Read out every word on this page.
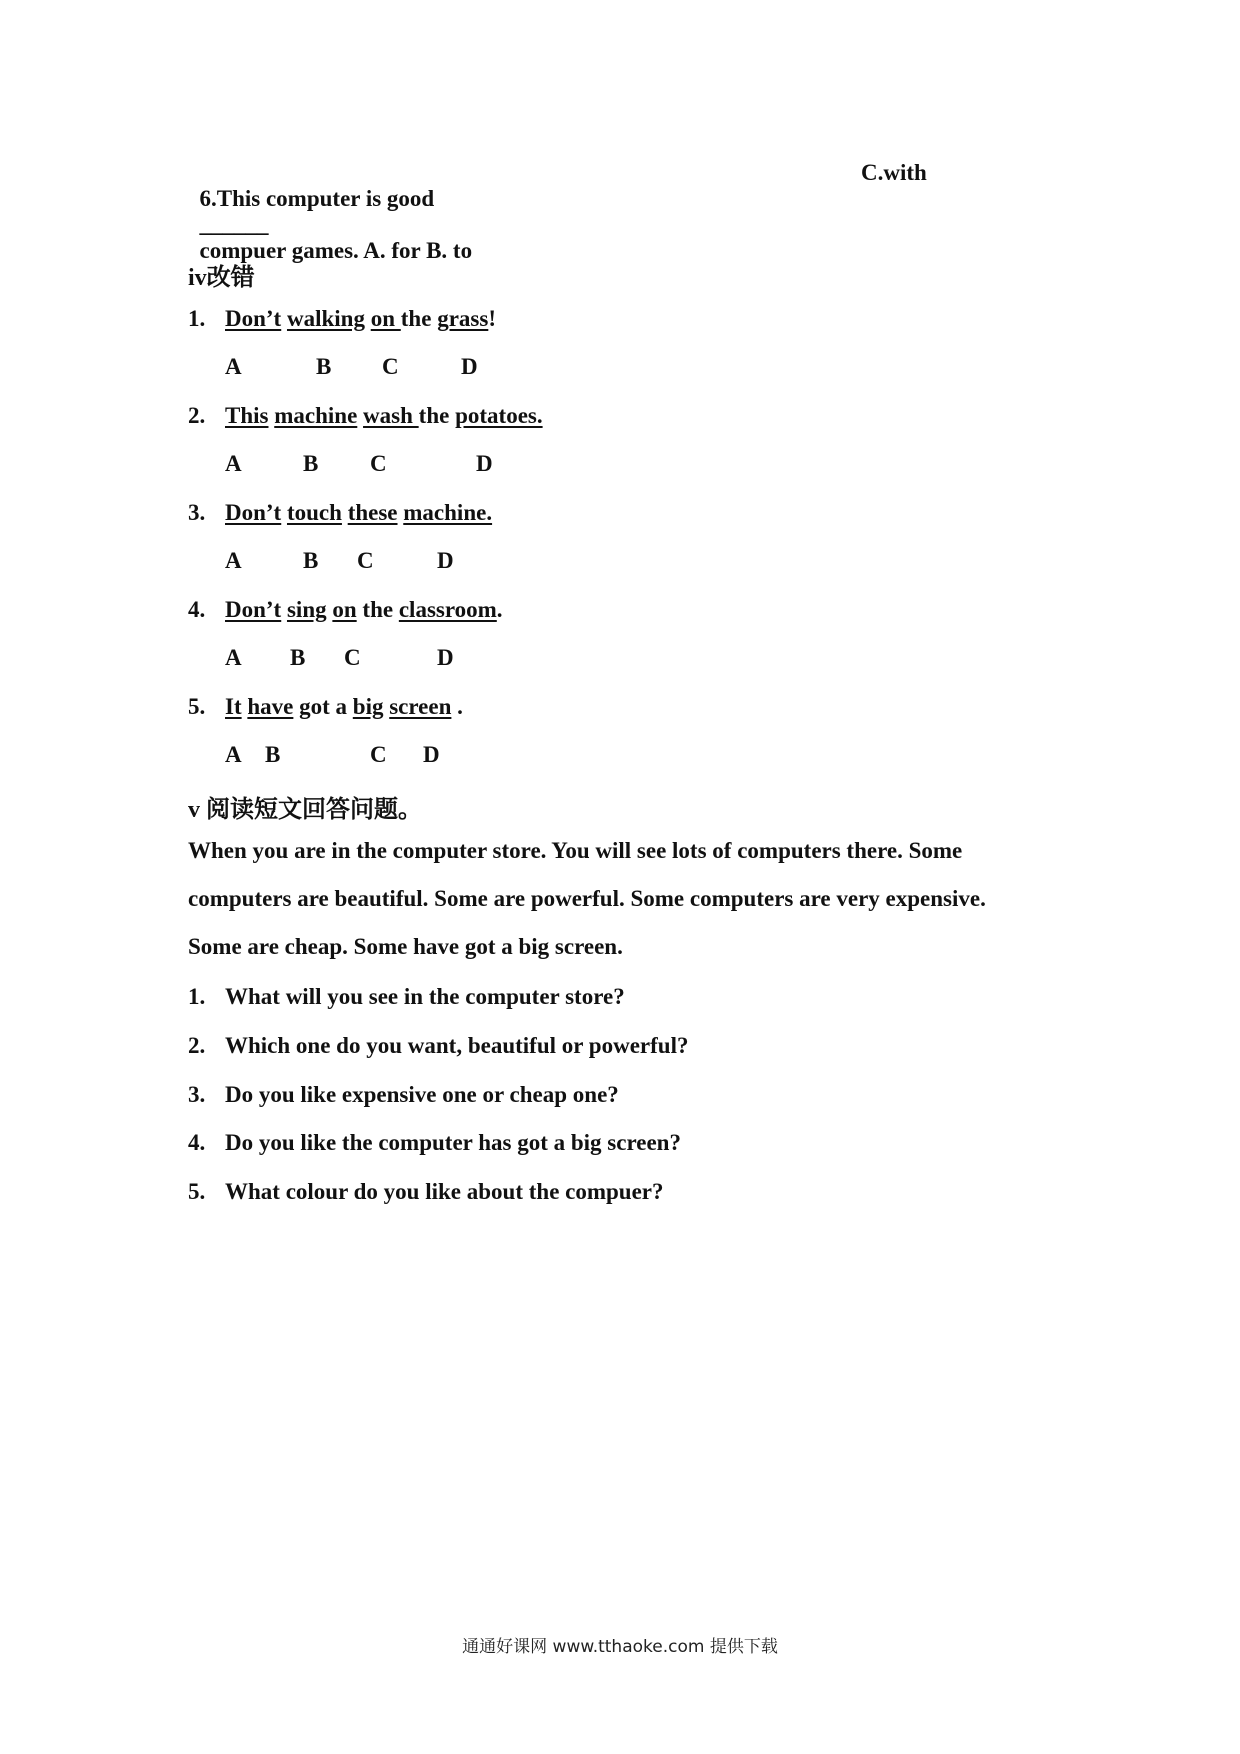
6.This computer is good
______
compuer games. A. for B. to

C.with
iv改错
1. Don’t walking on the grass!
A	B C	D
2. This machine wash the potatoes.
A	B C	D
3. Don’t touch these machine.
A	B C	D
4. Don’t sing on the classroom.
A B C	D
5. It have got a big screen .
A B	C D
v 阅读短文回答问题。
When you are in the computer store. You will see lots of computers there. Some
computers are beautiful. Some are powerful. Some computers are very expensive.
Some are cheap. Some have got a big screen.
1. What will you see in the computer store?
2. Which one do you want, beautiful or powerful?
3. Do you like expensive one or cheap one?
4. Do you like the computer has got a big screen?
5. What colour do you like about the compuer?
通通好课网 www.tthaoke.com 提供下载
